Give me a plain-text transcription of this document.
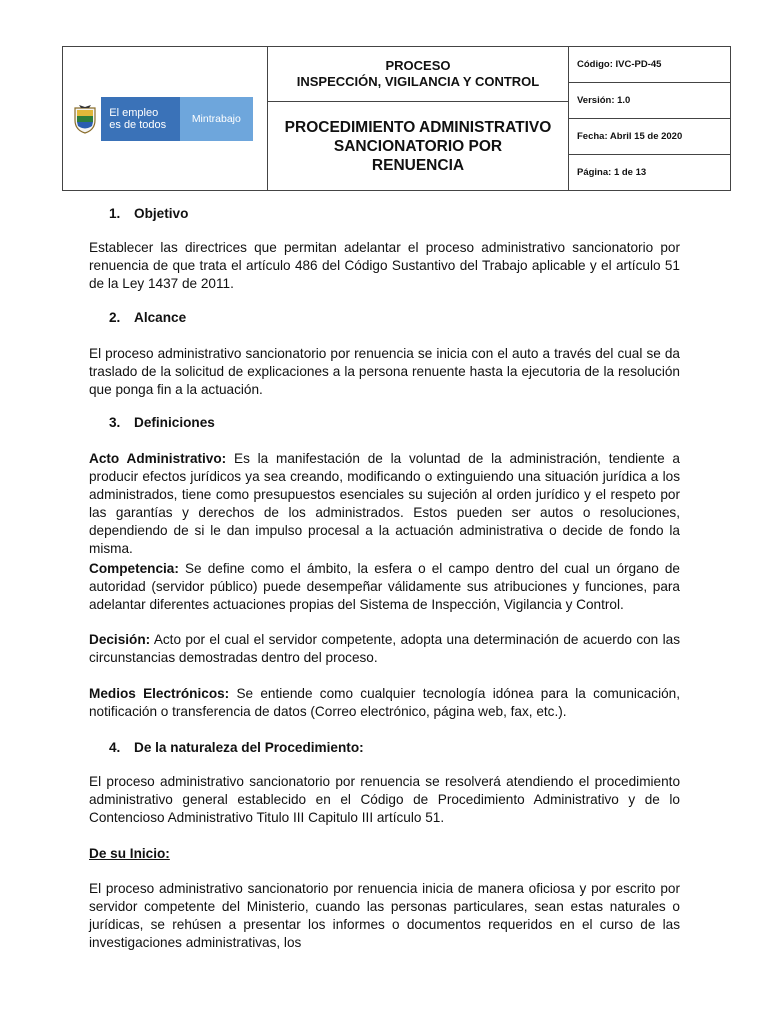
El empleo
es de todos	Mintrabajo
PROCESO
INSPECCIÓN, VIGILANCIA Y CONTROL
PROCEDIMIENTO ADMINISTRATIVO
SANCIONATORIO POR
RENUENCIA
Código: IVC-PD-45
Versión: 1.0
Fecha: Abril 15 de 2020
Página: 1 de 13

1. Objetivo

Establecer las directrices que permitan adelantar el proceso administrativo sancionatorio por renuencia de que trata el artículo 486 del Código Sustantivo del Trabajo aplicable y el artículo 51 de la Ley 1437 de 2011.

2. Alcance

El proceso administrativo sancionatorio por renuencia se inicia con el auto a través del cual se da traslado de la solicitud de explicaciones a la persona renuente hasta la ejecutoria de la resolución que ponga fin a la actuación.

3. Definiciones

Acto Administrativo: Es la manifestación de la voluntad de la administración, tendiente a producir efectos jurídicos ya sea creando, modificando o extinguiendo una situación jurídica a los administrados, tiene como presupuestos esenciales su sujeción al orden jurídico y el respeto por las garantías y derechos de los administrados. Estos pueden ser autos o resoluciones, dependiendo de si le dan impulso procesal a la actuación administrativa o decide de fondo la misma.

Competencia: Se define como el ámbito, la esfera o el campo dentro del cual un órgano de autoridad (servidor público) puede desempeñar válidamente sus atribuciones y funciones, para adelantar diferentes actuaciones propias del Sistema de Inspección, Vigilancia y Control.

Decisión: Acto por el cual el servidor competente, adopta una determinación de acuerdo con las circunstancias demostradas dentro del proceso.

Medios Electrónicos: Se entiende como cualquier tecnología idónea para la comunicación, notificación o transferencia de datos (Correo electrónico, página web, fax, etc.).

4. De la naturaleza del Procedimiento:

El proceso administrativo sancionatorio por renuencia se resolverá atendiendo el procedimiento administrativo general establecido en el Código de Procedimiento Administrativo y de lo Contencioso Administrativo Titulo III Capitulo III artículo 51.

De su Inicio:

El proceso administrativo sancionatorio por renuencia inicia de manera oficiosa y por escrito por servidor competente del Ministerio, cuando las personas particulares, sean estas naturales o jurídicas, se rehúsen a presentar los informes o documentos requeridos en el curso de las investigaciones administrativas, los
